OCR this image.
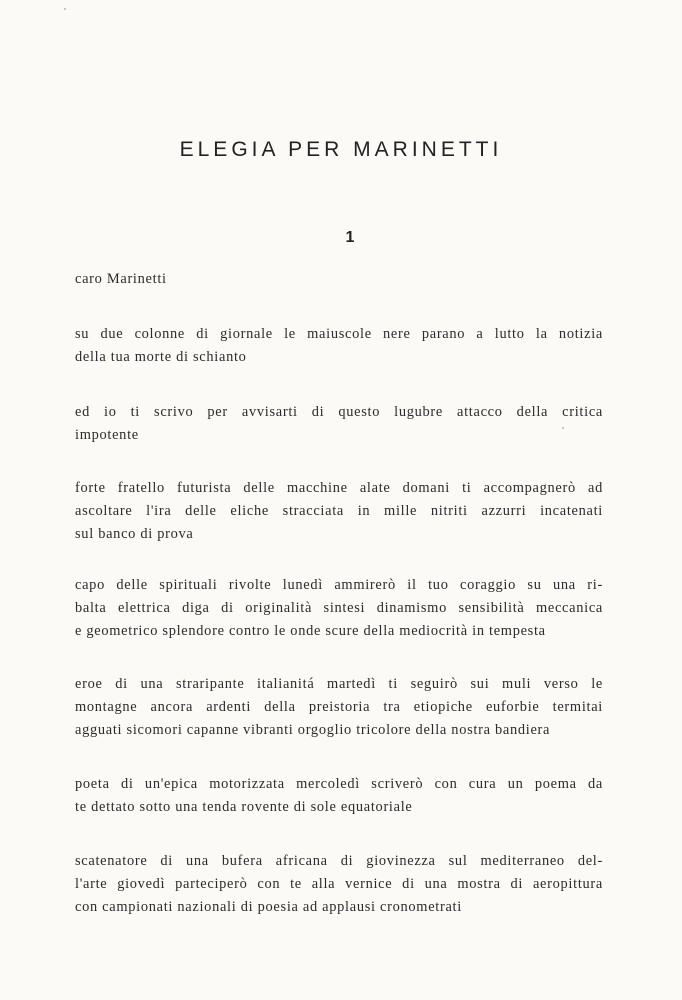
ELEGIA PER MARINETTI
1
caro Marinetti
su due colonne di giornale le maiuscole nere parano a lutto la notizia
della tua morte di schianto
ed io ti scrivo per avvisarti di questo lugubre attacco della critica
impotente
forte fratello futurista delle macchine alate domani ti accompagnerò ad
ascoltare l'ira delle eliche stracciata in mille nitriti azzurri incatenati
sul banco di prova
capo delle spirituali rivolte lunedì ammirerò il tuo coraggio su una ri-
balta elettrica diga di originalità sintesi dinamismo sensibilità meccanica
e geometrico splendore contro le onde scure della mediocrità in tempesta
eroe di una straripante italianitá martedì ti seguirò sui muli verso le
montagne ancora ardenti della preistoria tra etiopiche euforbie termitai
agguati sicomori capanne vibranti orgoglio tricolore della nostra bandiera
poeta di un'epica motorizzata mercoledì scriverò con cura un poema da
te dettato sotto una tenda rovente di sole equatoriale
scatenatore di una bufera africana di giovinezza sul mediterraneo del-
l'arte giovedì parteciperò con te alla vernice di una mostra di aeropittura
con campionati nazionali di poesia ad applausi cronometrati
